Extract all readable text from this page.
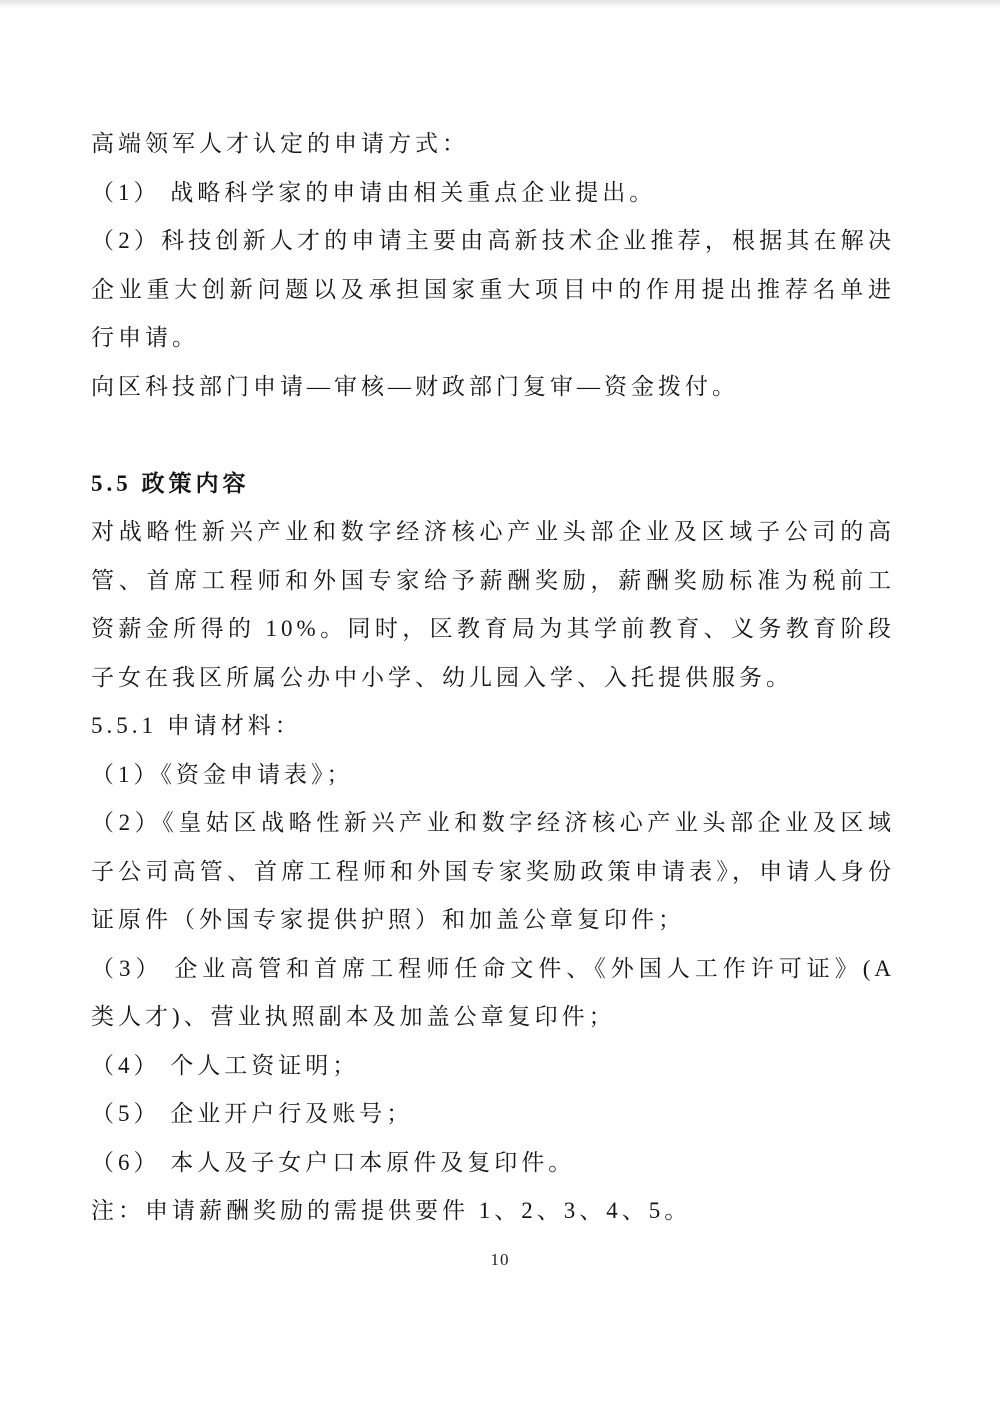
高端领军人才认定的申请方式：

（1） 战略科学家的申请由相关重点企业提出。

（2）科技创新人才的申请主要由高新技术企业推荐，根据其在解决企业重大创新问题以及承担国家重大项目中的作用提出推荐名单进行申请。

向区科技部门申请—审核—财政部门复审—资金拨付。

5.5 政策内容

对战略性新兴产业和数字经济核心产业头部企业及区域子公司的高管、首席工程师和外国专家给予薪酬奖励，薪酬奖励标准为税前工资薪金所得的 10%。同时，区教育局为其学前教育、义务教育阶段子女在我区所属公办中小学、幼儿园入学、入托提供服务。

5.5.1 申请材料：

（1）《资金申请表》；

（2）《皇姑区战略性新兴产业和数字经济核心产业头部企业及区域子公司高管、首席工程师和外国专家奖励政策申请表》，申请人身份证原件（外国专家提供护照）和加盖公章复印件；

（3） 企业高管和首席工程师任命文件、《外国人工作许可证》(A 类人才)、营业执照副本及加盖公章复印件；

（4） 个人工资证明；

（5） 企业开户行及账号；

（6） 本人及子女户口本原件及复印件。

注：申请薪酬奖励的需提供要件 1、2、3、4、5。

10
